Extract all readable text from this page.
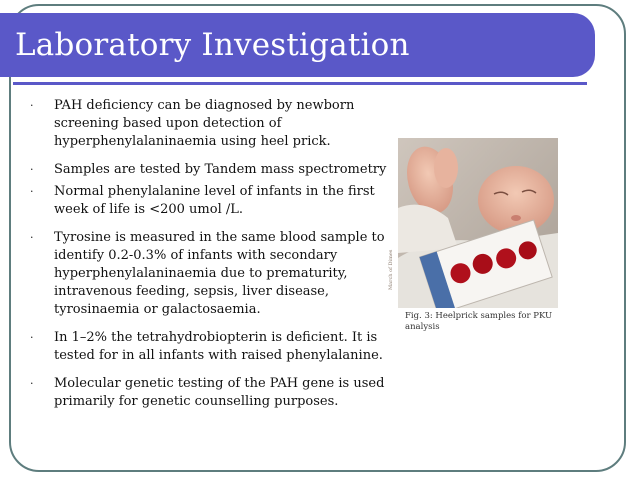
Laboratory Investigation
· PAH deficiency can be diagnosed by newborn screening based upon detection of hyperphenylalaninaemia using heel prick.
· Samples are tested by Tandem mass spectrometry
· Normal phenylalanine level of infants in the first week of life is <200 umol /L.
· Tyrosine is measured in the same blood sample to identify 0.2-0.3% of infants with secondary hyperphenylalaninaemia due to prematurity, intravenous feeding, sepsis, liver disease, tyrosinaemia or galactosaemia.
· In 1–2% the tetrahydrobiopterin is deficient. It is tested for in all infants with raised phenylalanine.
· Molecular genetic testing of the PAH gene is used primarily for genetic counselling purposes.
March of Dimes
Fig. 3: Heelprick samples for PKU analysis
